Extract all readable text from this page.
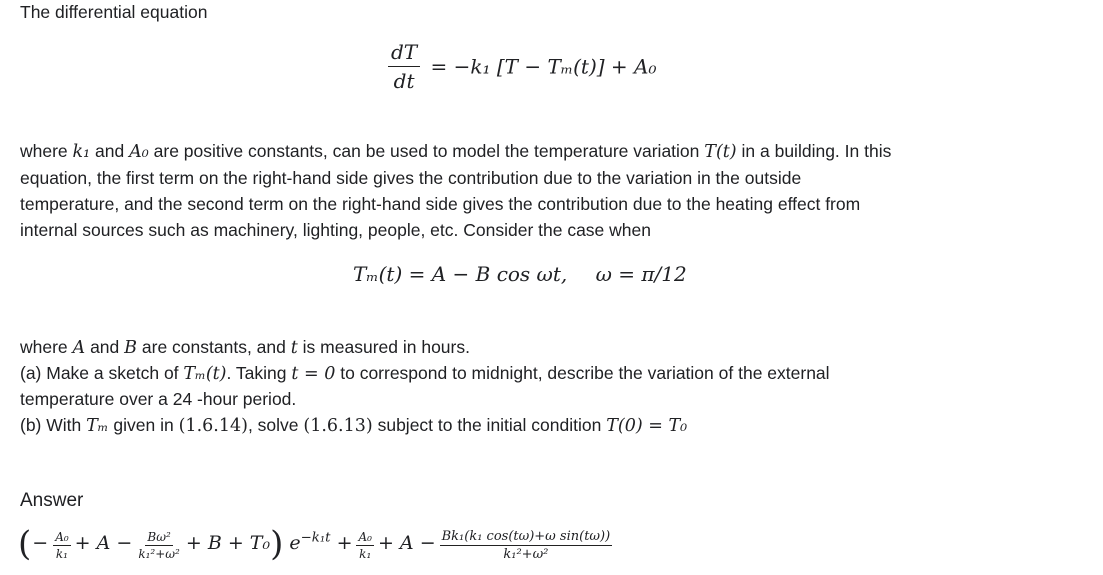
The differential equation
$\frac{dT}{dt} = -k_1$ [T − Tₘ(t)] + A₀
where k₁ and A₀ are positive constants, can be used to model the temperature variation T(t) in a building. In this
equation, the first term on the right-hand side gives the contribution due to the variation in the outside
temperature, and the second term on the right-hand side gives the contribution due to the heating effect from
internal sources such as machinery, lighting, people, etc. Consider the case when
Tₘ(t) = A − B cos ωt, ω = π/12
where A and B are constants, and t is measured in hours.
(a) Make a sketch of Tₘ(t). Taking t = 0 to correspond to midnight, describe the variation of the external
temperature over a 24 -hour period.
(b) With Tₘ given in (1.6.14), solve (1.6.13) subject to the initial condition T(0) = T₀
Answer
(− $\frac{\text{A₀}}{\text{k₁}} + A - \frac{\text{Bω²}}{\text{k₁²+ω²}} + B + T_0$) $e^{-k_1t} + \frac{\text{A₀}}{\text{k₁}} + A - \frac{\text{Bk₁(k₁ cos(tω)+ω sin(tω))}}{\text{k₁²+ω²}}$
